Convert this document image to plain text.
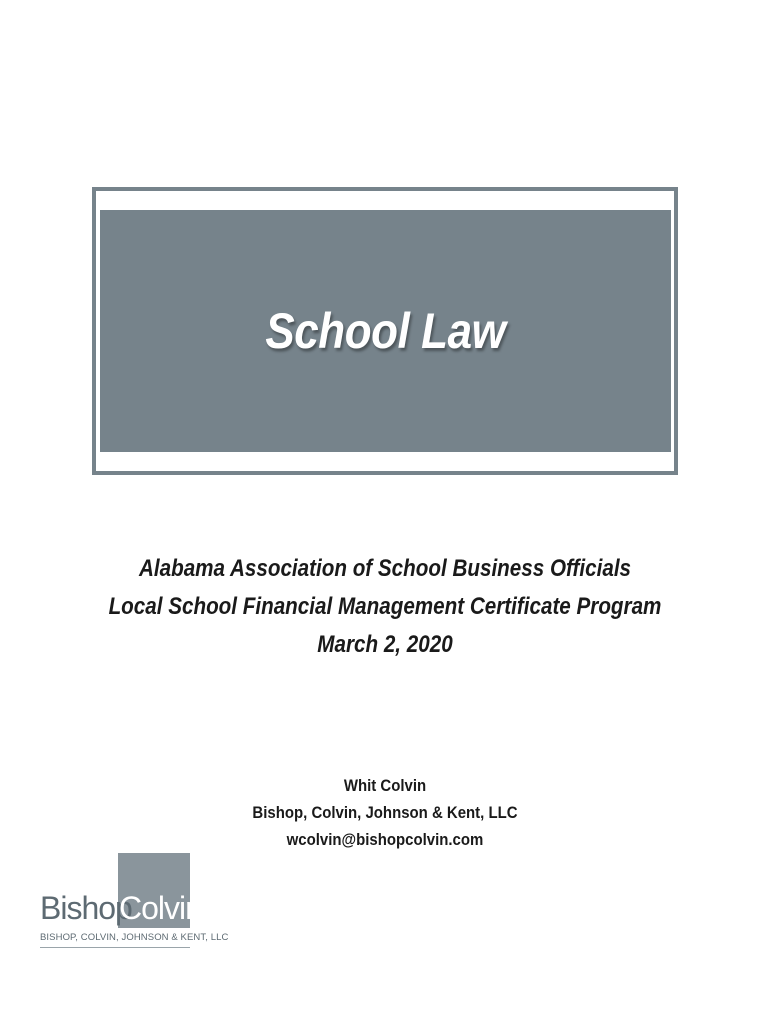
School Law
Alabama Association of School Business Officials
Local School Financial Management Certificate Program
March 2, 2020
Whit Colvin
Bishop, Colvin, Johnson & Kent, LLC
wcolvin@bishopcolvin.com
Bishop
Colvin
BISHOP, COLVIN, JOHNSON & KENT, LLC
